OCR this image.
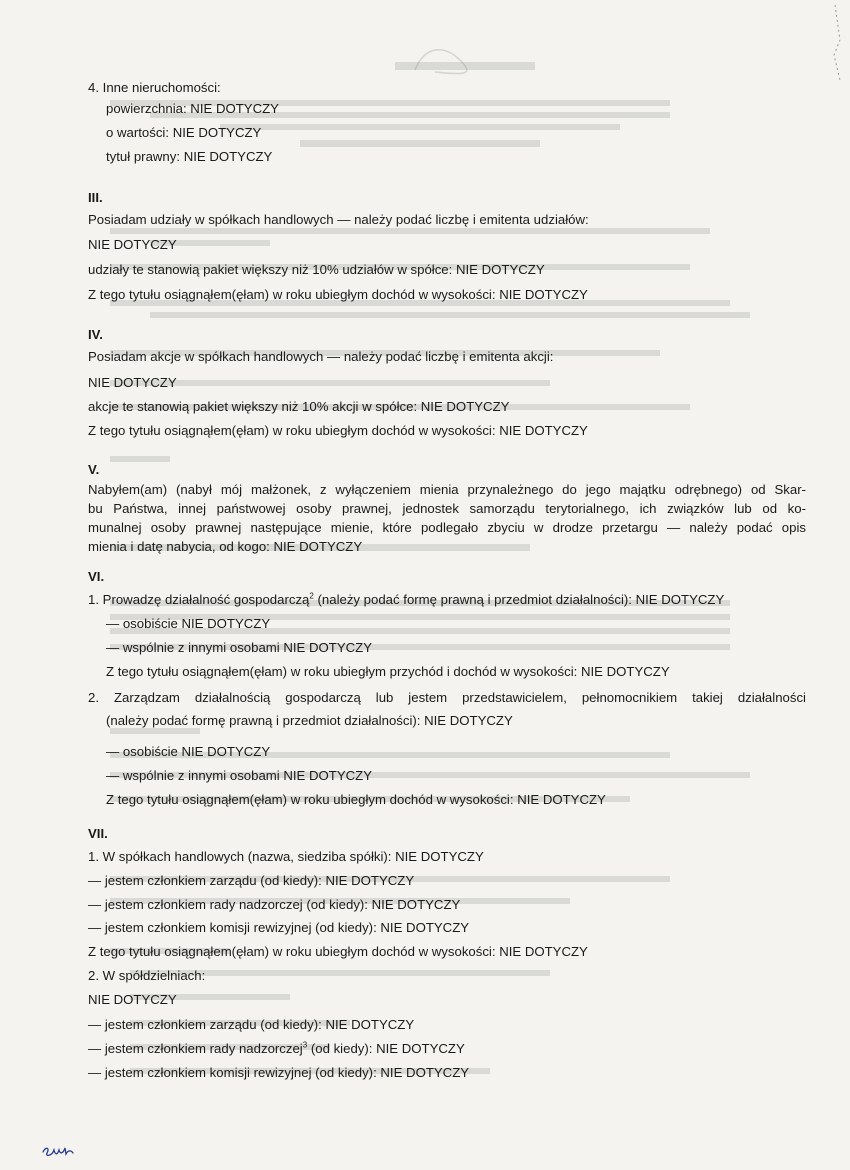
4. Inne nieruchomości:
powierzchnia: NIE DOTYCZY
o wartości: NIE DOTYCZY
tytuł prawny: NIE DOTYCZY
III.
Posiadam udziały w spółkach handlowych — należy podać liczbę i emitenta udziałów:
NIE DOTYCZY
udziały te stanowią pakiet większy niż 10% udziałów w spółce: NIE DOTYCZY
Z tego tytułu osiągnąłem(ęłam) w roku ubiegłym dochód w wysokości: NIE DOTYCZY
IV.
Posiadam akcje w spółkach handlowych — należy podać liczbę i emitenta akcji:
NIE DOTYCZY
akcje te stanowią pakiet większy niż 10% akcji w spółce: NIE DOTYCZY
Z tego tytułu osiągnąłem(ęłam) w roku ubiegłym dochód w wysokości: NIE DOTYCZY
V.
Nabyłem(am) (nabył mój małżonek, z wyłączeniem mienia przynależnego do jego majątku odrębnego) od Skar-
bu Państwa, innej państwowej osoby prawnej, jednostek samorządu terytorialnego, ich związków lub od ko-
munalnej osoby prawnej następujące mienie, które podlegało zbyciu w drodze przetargu — należy podać opis
mienia i datę nabycia, od kogo: NIE DOTYCZY
VI.
1. Prowadzę działalność gospodarczą$^2$ (należy podać formę prawną i przedmiot działalności): NIE DOTYCZY
— osobiście NIE DOTYCZY
— wspólnie z innymi osobami NIE DOTYCZY
Z tego tytułu osiągnąłem(ęłam) w roku ubiegłym przychód i dochód w wysokości: NIE DOTYCZY
2. Zarządzam działalnością gospodarczą lub jestem przedstawicielem, pełnomocnikiem takiej działalności
(należy podać formę prawną i przedmiot działalności): NIE DOTYCZY
— osobiście NIE DOTYCZY
— wspólnie z innymi osobami NIE DOTYCZY
Z tego tytułu osiągnąłem(ęłam) w roku ubiegłym dochód w wysokości: NIE DOTYCZY
VII.
1. W spółkach handlowych (nazwa, siedziba spółki): NIE DOTYCZY
— jestem członkiem zarządu (od kiedy): NIE DOTYCZY
— jestem członkiem rady nadzorczej (od kiedy): NIE DOTYCZY
— jestem członkiem komisji rewizyjnej (od kiedy): NIE DOTYCZY
Z tego tytułu osiągnąłem(ęłam) w roku ubiegłym dochód w wysokości: NIE DOTYCZY
2. W spółdzielniach:
NIE DOTYCZY
— jestem członkiem zarządu (od kiedy): NIE DOTYCZY
— jestem członkiem rady nadzorczej$^3$ (od kiedy): NIE DOTYCZY
— jestem członkiem komisji rewizyjnej (od kiedy): NIE DOTYCZY
